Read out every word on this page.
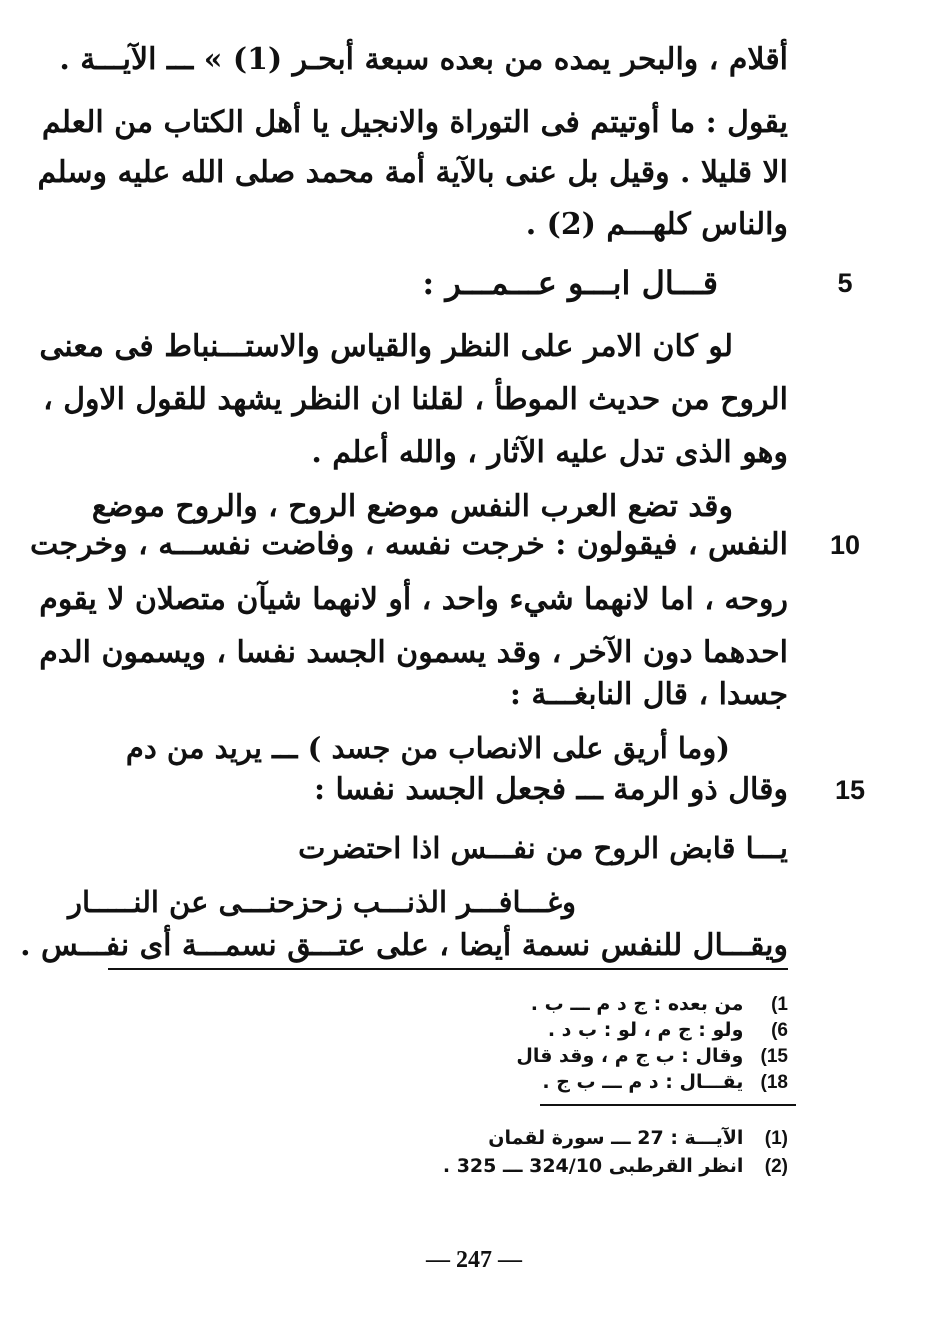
أقلام ، والبحر يمده من بعده سبعة أبحـر (1) » ـــ الآيـــة .
يقول : ما أوتيتم فى التوراة والانجيل يا أهل الكتاب من العلم
الا قليلا . وقيل بل عنى بالآية أمة محمد صلى الله عليه وسلم
والناس كلهـــم (2) .
5
قـــال ابـــو عـــمـــر :
لو كان الامر على النظر والقياس والاستـــنباط فى معنى
الروح من حديث الموطأ ، لقلنا ان النظر يشهد للقول الاول ،
وهو الذى تدل عليه الآثار ، والله أعلم .
وقد تضع العرب النفس موضع الروح ، والروح موضع
10
النفس ، فيقولون : خرجت نفسه ، وفاضت نفســـه ، وخرجت
روحه ، اما لانهما شيء واحد ، أو لانهما شيآن متصلان لا يقوم
احدهما دون الآخر ، وقد يسمون الجسد نفسا ، ويسمون الدم
جسدا ، قال النابغـــة :
(وما أريق على الانصاب من جسد ) ـــ يريد من دم
15
وقال ذو الرمة ـــ فجعل الجسد نفسا :
يـــا قابض الروح من نفـــس اذا احتضرت
وغـــافـــر الذنـــب زحزحنـــى عن النـــــار
ويقـــال للنفس نسمة أيضا ، على عتـــق نسمـــة أى نفـــس .
1) من بعده : ج د م ـــ ب .
6) ولو : ج م ، لو : ب د .
15) وقال : ب ج م ، وقد قال
18) يقـــال : د م ـــ ب ج .
(1) الآيـــة : 27 ـــ سورة لقمان
(2) انظر القرطبى 324/10 ـــ 325 .
— 247 —
